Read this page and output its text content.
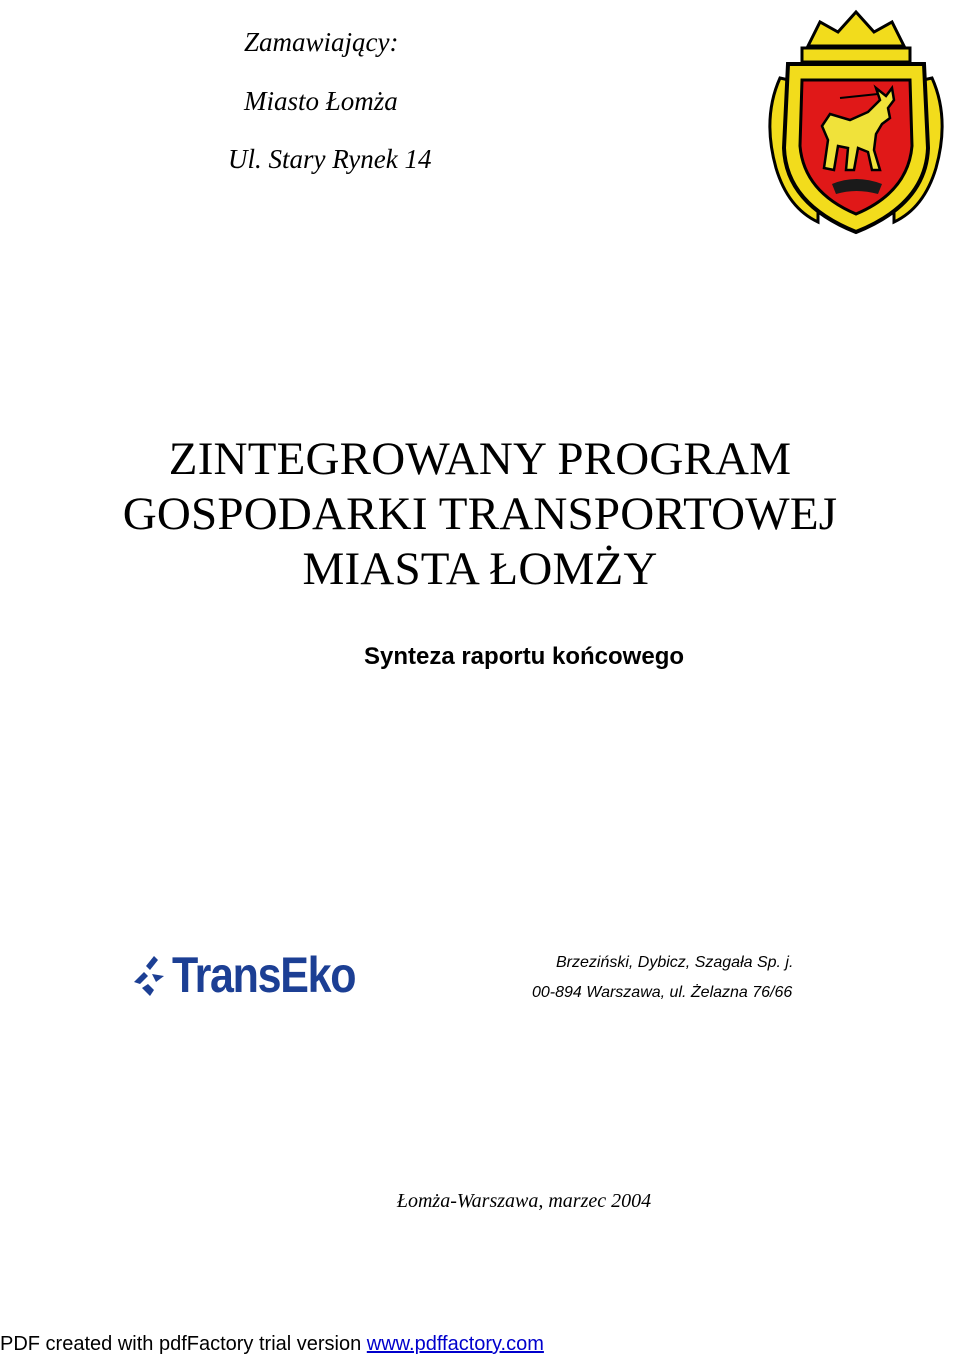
Zamawiający:
Miasto Łomża
Ul. Stary Rynek 14
ZINTEGROWANY PROGRAM
GOSPODARKI TRANSPORTOWEJ
MIASTA ŁOMŻY
Synteza raportu końcowego
TransEko	Brzeziński, Dybicz, Szagała Sp. j.
00-894 Warszawa, ul. Żelazna 76/66
Łomża-Warszawa, marzec 2004
PDF created with pdfFactory trial version www.pdffactory.com
